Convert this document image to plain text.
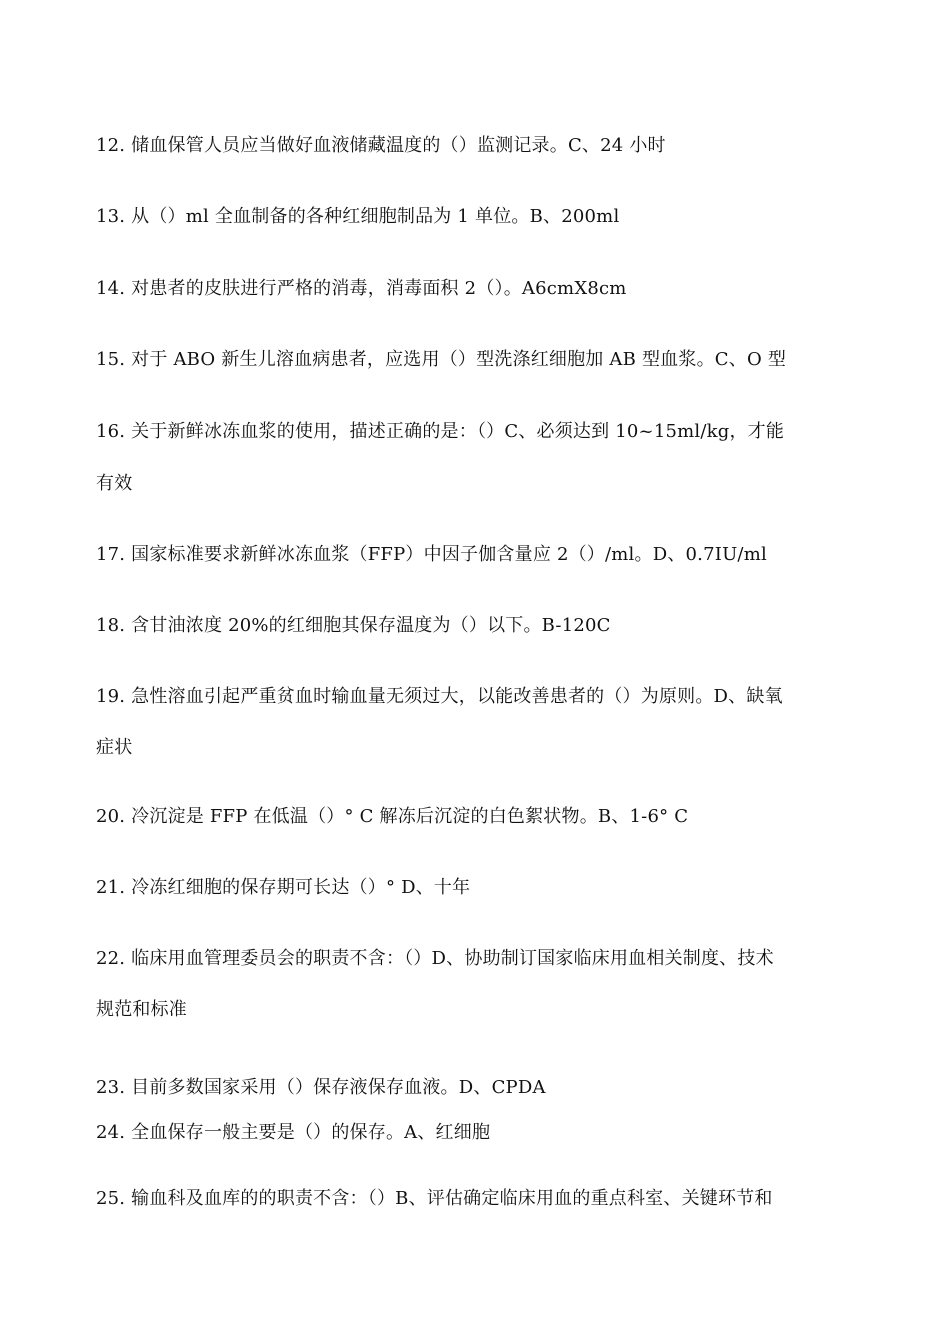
12. 储血保管人员应当做好血液储藏温度的（）监测记录。C、24 小时
13. 从（）ml 全血制备的各种红细胞制品为 1 单位。B、200ml
14. 对患者的皮肤进行严格的消毒，消毒面积 2（）。A6cmX8cm
15. 对于 ABO 新生儿溶血病患者，应选用（）型洗涤红细胞加 AB 型血浆。C、O 型
16. 关于新鲜冰冻血浆的使用，描述正确的是：（）C、必须达到 10~15ml/kg，才能
有效
17. 国家标准要求新鲜冰冻血浆（FFP）中因子伽含量应 2（）/ml。D、0.7IU/ml
18. 含甘油浓度 20%的红细胞其保存温度为（）以下。B-120C
19. 急性溶血引起严重贫血时输血量无须过大，以能改善患者的（）为原则。D、缺氧
症状
20. 冷沉淀是 FFP 在低温（）° C 解冻后沉淀的白色絮状物。B、1-6° C
21. 冷冻红细胞的保存期可长达（）° D、十年
22. 临床用血管理委员会的职责不含：（）D、协助制订国家临床用血相关制度、技术
规范和标准
23. 目前多数国家采用（）保存液保存血液。D、CPDA
24. 全血保存一般主要是（）的保存。A、红细胞
25. 输血科及血库的的职责不含：（）B、评估确定临床用血的重点科室、关键环节和
